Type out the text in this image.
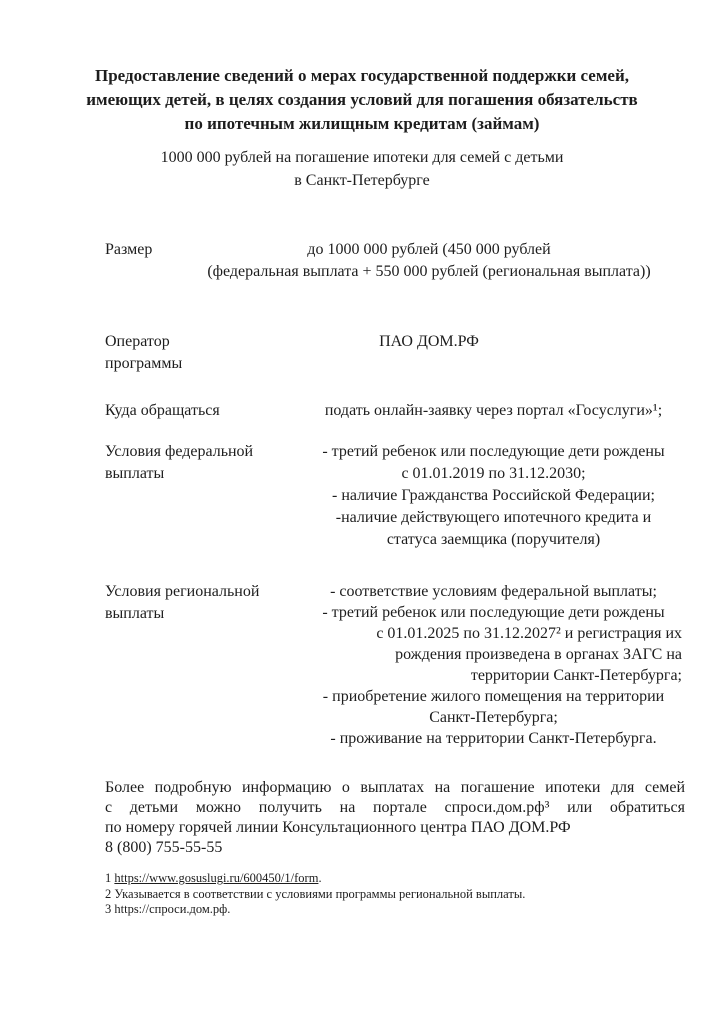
Предоставление сведений о мерах государственной поддержки семей,
имеющих детей, в целях создания условий для погашения обязательств
по ипотечным жилищным кредитам (займам)
1000 000 рублей на погашение ипотеки для семей с детьми
в Санкт-Петербурге
Размер	до 1000 000 рублей (450 000 рублей
(федеральная выплата + 550 000 рублей (региональная выплата))
Оператор
программы
ПАО ДОМ.РФ
Куда обращаться	подать онлайн-заявку через портал «Госуслуги»¹;
Условия федеральной
выплаты
- третий ребенок или последующие дети рождены
с 01.01.2019 по 31.12.2030;
- наличие Гражданства Российской Федерации;
-наличие действующего ипотечного кредита и
статуса заемщика (поручителя)
Условия региональной
выплаты
- соответствие условиям федеральной выплаты;
- третий ребенок или последующие дети рождены
с 01.01.2025 по 31.12.2027² и регистрация их
рождения произведена в органах ЗАГС на
территории Санкт-Петербурга;
- приобретение жилого помещения на территории
Санкт-Петербурга;
- проживание на территории Санкт-Петербурга.
Более подробную информацию о выплатах на погашение ипотеки для семей
с детьми можно получить на портале спроси.дом.рф³ или обратиться
по номеру горячей линии Консультационного центра ПАО ДОМ.РФ
8 (800) 755-55-55
1 https://www.gosuslugi.ru/600450/1/form.
2 Указывается в соответствии с условиями программы региональной выплаты.
3 https://спроси.дом.рф.
